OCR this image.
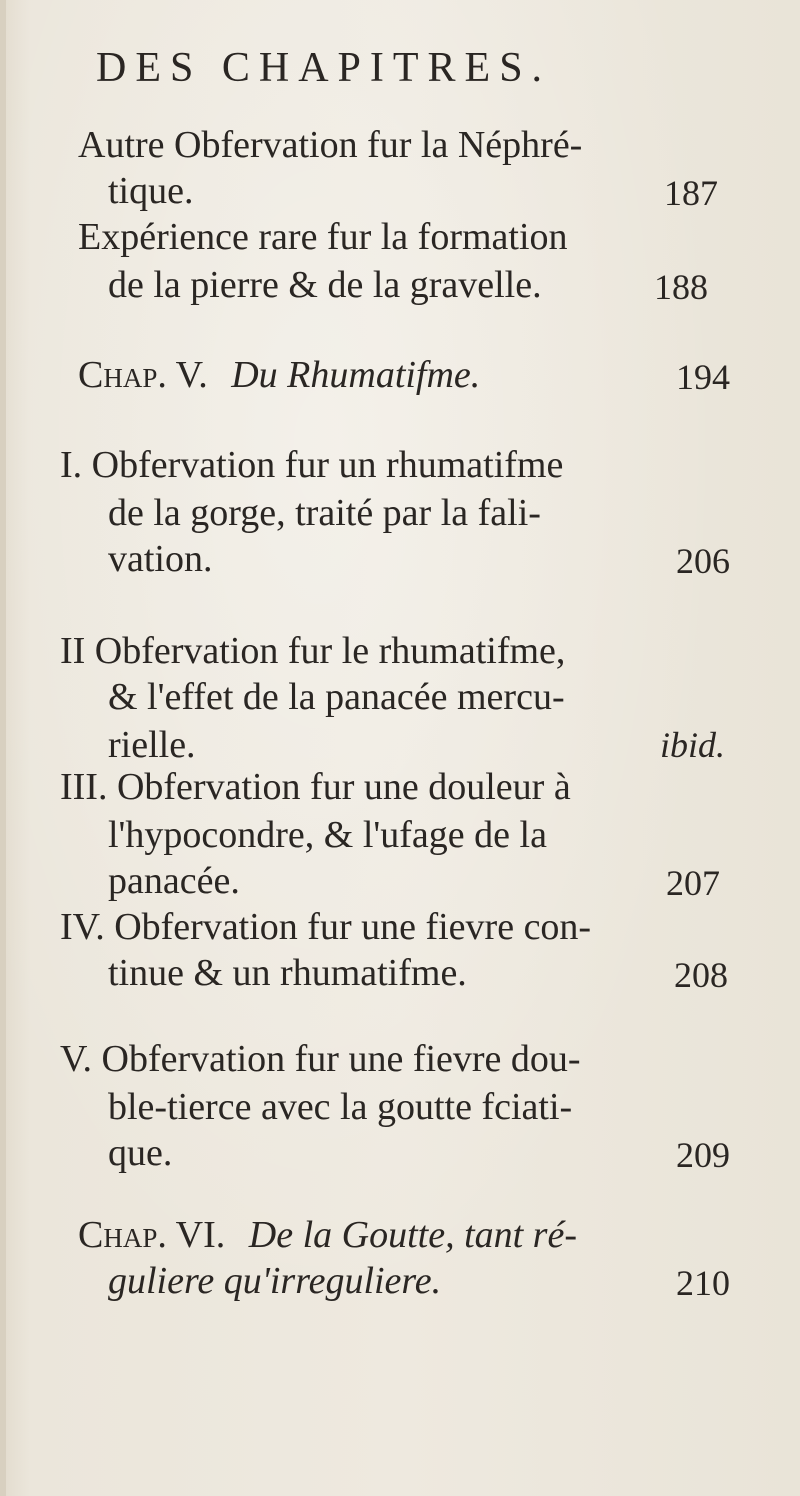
DES CHAPITRES.
Autre Obfervation fur la Néphré-
tique.	187
Expérience rare fur la formation
de la pierre & de la gravelle.	188
Chap. V. Du Rhumatifme.	194
I. Obfervation fur un rhumatifme
de la gorge, traité par la fali-
vation.	206
II Obfervation fur le rhumatifme,
& l'effet de la panacée mercu-
rielle.	ibid.
III. Obfervation fur une douleur à
l'hypocondre, & l'ufage de la
panacée.	207
IV. Obfervation fur une fievre con-
tinue & un rhumatifme.	208
V. Obfervation fur une fievre dou-
ble-tierce avec la goutte fciati-
que.	209
Chap. VI. De la Goutte, tant ré-
guliere qu'irreguliere.	210
